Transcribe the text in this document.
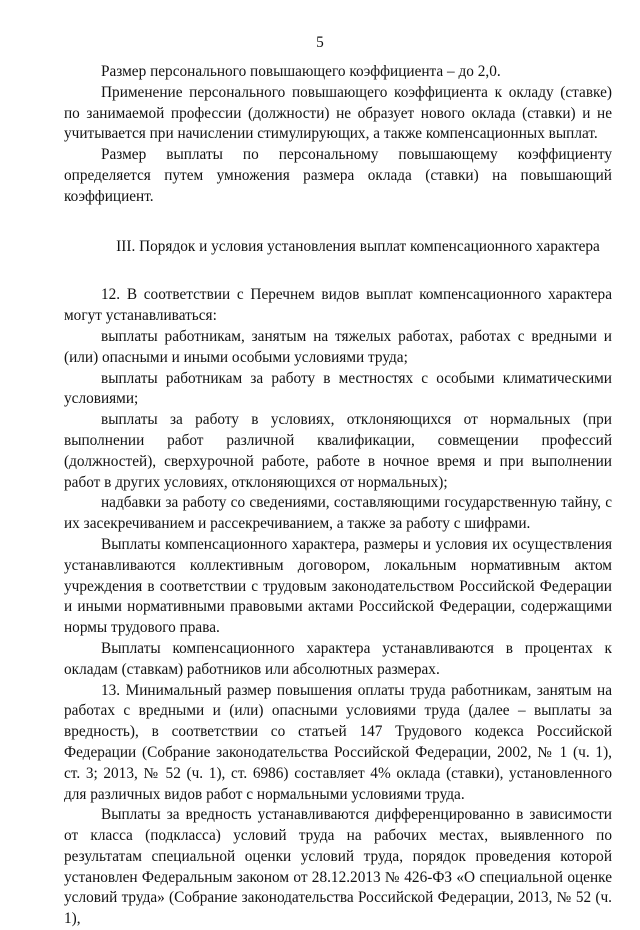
5

Размер персонального повышающего коэффициента – до 2,0.

Применение персонального повышающего коэффициента к окладу (ставке) по занимаемой профессии (должности) не образует нового оклада (ставки) и не учитывается при начислении стимулирующих, а также компенсационных выплат.

Размер выплаты по персональному повышающему коэффициенту определяется путем умножения размера оклада (ставки) на повышающий коэффициент.

III. Порядок и условия установления выплат компенсационного характера

12. В соответствии с Перечнем видов выплат компенсационного характера могут устанавливаться:

выплаты работникам, занятым на тяжелых работах, работах с вредными и (или) опасными и иными особыми условиями труда;

выплаты работникам за работу в местностях с особыми климатическими условиями;

выплаты за работу в условиях, отклоняющихся от нормальных (при выполнении работ различной квалификации, совмещении профессий (должностей), сверхурочной работе, работе в ночное время и при выполнении работ в других условиях, отклоняющихся от нормальных);

надбавки за работу со сведениями, составляющими государственную тайну, с их засекречиванием и рассекречиванием, а также за работу с шифрами.

Выплаты компенсационного характера, размеры и условия их осуществления устанавливаются коллективным договором, локальным нормативным актом учреждения в соответствии с трудовым законодательством Российской Федерации и иными нормативными правовыми актами Российской Федерации, содержащими нормы трудового права.

Выплаты компенсационного характера устанавливаются в процентах к окладам (ставкам) работников или абсолютных размерах.

13. Минимальный размер повышения оплаты труда работникам, занятым на работах с вредными и (или) опасными условиями труда (далее – выплаты за вредность), в соответствии со статьей 147 Трудового кодекса Российской Федерации (Собрание законодательства Российской Федерации, 2002, № 1 (ч. 1), ст. 3; 2013, № 52 (ч. 1), ст. 6986) составляет 4% оклада (ставки), установленного для различных видов работ с нормальными условиями труда.

Выплаты за вредность устанавливаются дифференцированно в зависимости от класса (подкласса) условий труда на рабочих местах, выявленного по результатам специальной оценки условий труда, порядок проведения которой установлен Федеральным законом от 28.12.2013 № 426-ФЗ «О специальной оценке условий труда» (Собрание законодательства Российской Федерации, 2013, № 52 (ч. 1),
